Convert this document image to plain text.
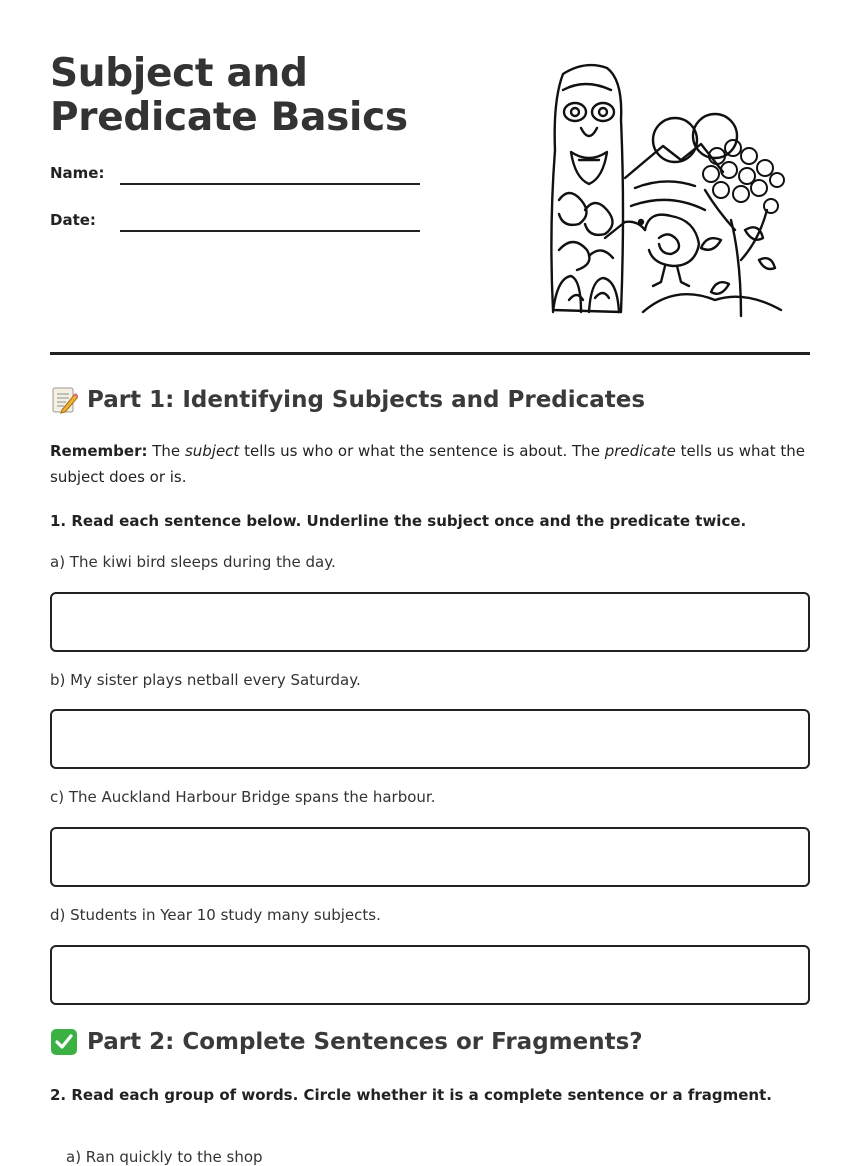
Subject and Predicate Basics
Name:
Date:
Part 1: Identifying Subjects and Predicates

Remember: The subject tells us who or what the sentence is about. The predicate tells us what the subject does or is.

1. Read each sentence below. Underline the subject once and the predicate twice.
a) The kiwi bird sleeps during the day.
b) My sister plays netball every Saturday.
c) The Auckland Harbour Bridge spans the harbour.
d) Students in Year 10 study many subjects.
Part 2: Complete Sentences or Fragments?
2. Read each group of words. Circle whether it is a complete sentence or a fragment.
a) Ran quickly to the shop
